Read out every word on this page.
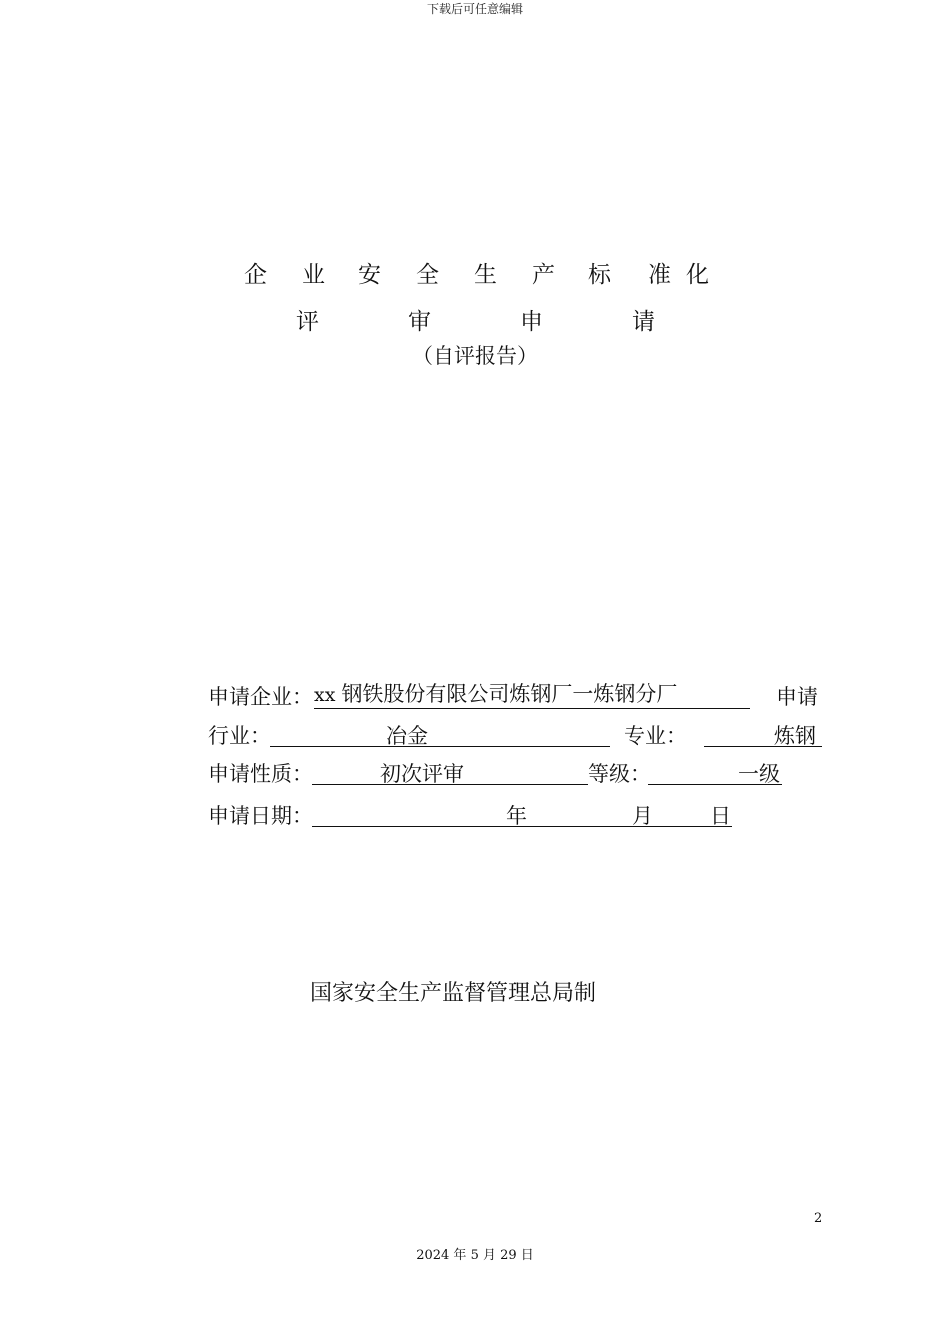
下载后可任意编辑
企 业 安 全 生 产 标 准 化
评	审	申	请
（自评报告）
申请企业： xx 钢铁股份有限公司炼钢厂一炼钢分厂	申请
行业：
	冶金	专业：
	炼钢
申请性质：
	初次评审	等级：
	一级
申请日期：
	年	月	日
国家安全生产监督管理总局制
2
2024 年 5 月 29 日
